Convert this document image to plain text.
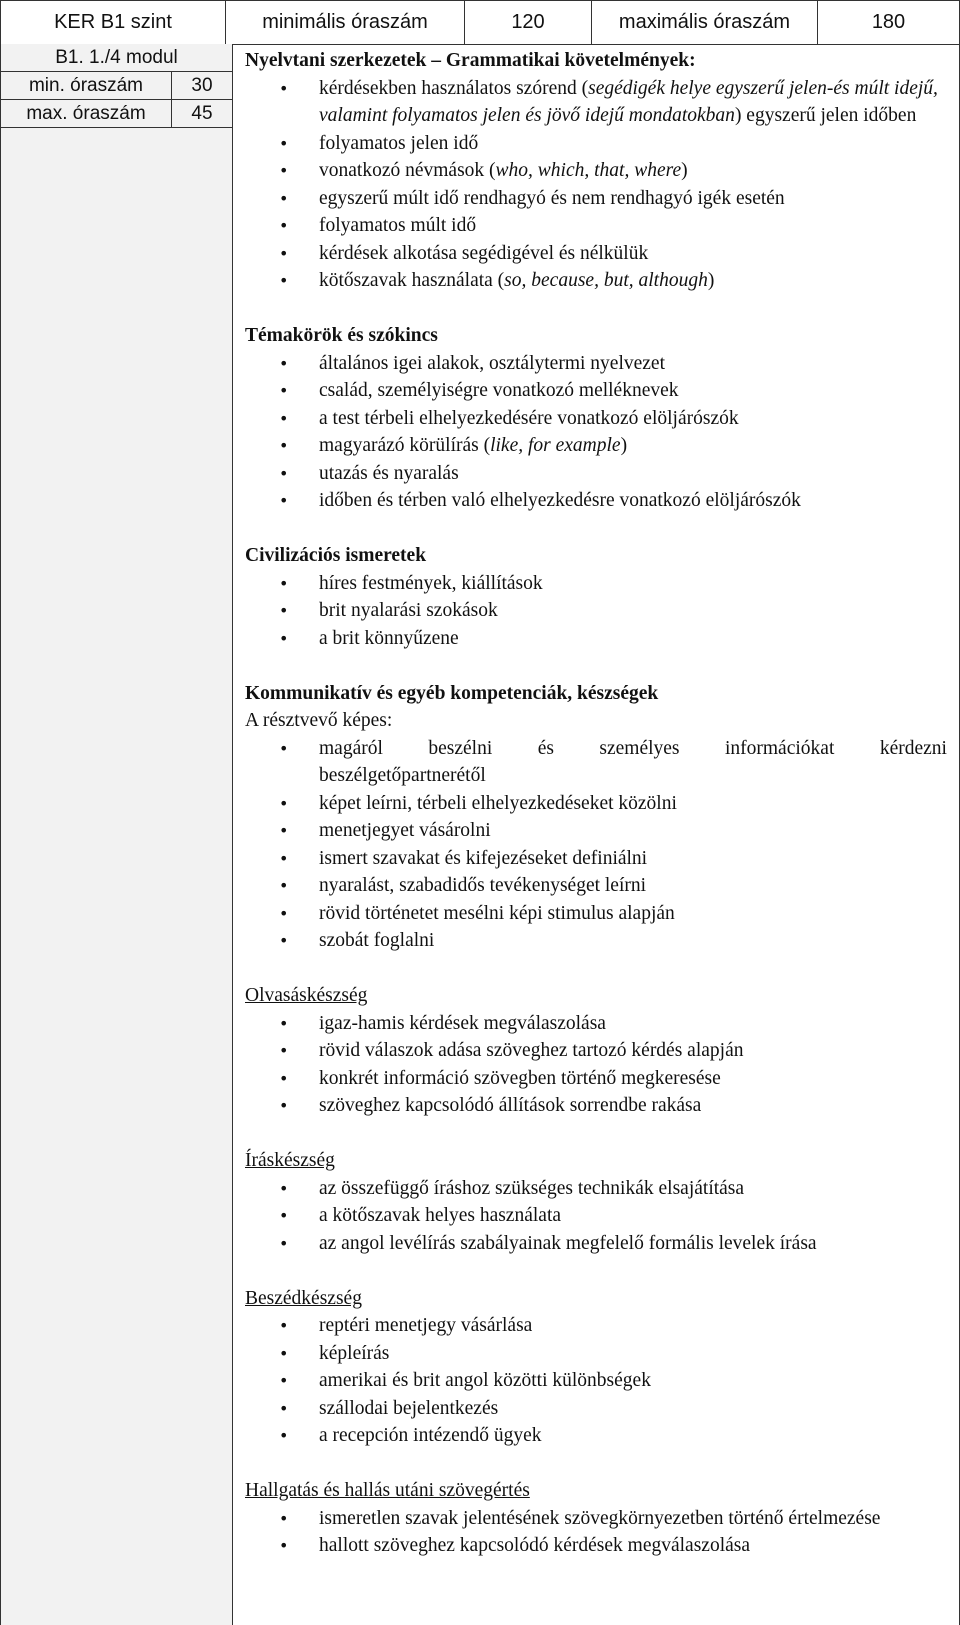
KER B1 szint	minimális óraszám	120	maximális óraszám	180
B1. 1./4 modul
min. óraszám	30
max. óraszám	45
Nyelvtani szerkezetek – Grammatikai követelmények:
• kérdésekben használatos szórend (segédigék helye egyszerű jelen-és múlt idejű, valamint folyamatos jelen és jövő idejű mondatokban) egyszerű jelen időben
• folyamatos jelen idő
• vonatkozó névmások (who, which, that, where)
• egyszerű múlt idő rendhagyó és nem rendhagyó igék esetén
• folyamatos múlt idő
• kérdések alkotása segédigével és nélkülük
• kötőszavak használata (so, because, but, although)
Témakörök és szókincs
• általános igei alakok, osztálytermi nyelvezet
• család, személyiségre vonatkozó melléknevek
• a test térbeli elhelyezkedésére vonatkozó elöljárószók
• magyarázó körülírás (like, for example)
• utazás és nyaralás
• időben és térben való elhelyezkedésre vonatkozó elöljárószók
Civilizációs ismeretek
• híres festmények, kiállítások
• brit nyalarási szokások
• a brit könnyűzene
Kommunikatív és egyéb kompetenciák, készségek
A résztvevő képes:
• magáról beszélni és személyes információkat kérdezni
beszélgetőpartnerétől
• képet leírni, térbeli elhelyezkedéseket közölni
• menetjegyet vásárolni
• ismert szavakat és kifejezéseket definiálni
• nyaralást, szabadidős tevékenységet leírni
• rövid történetet mesélni képi stimulus alapján
• szobát foglalni
Olvasáskészség
• igaz-hamis kérdések megválaszolása
• rövid válaszok adása szöveghez tartozó kérdés alapján
• konkrét információ szövegben történő megkeresése
• szöveghez kapcsolódó állítások sorrendbe rakása
Íráskészség
• az összefüggő íráshoz szükséges technikák elsajátítása
• a kötőszavak helyes használata
• az angol levélírás szabályainak megfelelő formális levelek írása
Beszédkészség
• reptéri menetjegy vásárlása
• képleírás
• amerikai és brit angol közötti különbségek
• szállodai bejelentkezés
• a recepción intézendő ügyek
Hallgatás és hallás utáni szövegértés
• ismeretlen szavak jelentésének szövegkörnyezetben történő értelmezése
• hallott szöveghez kapcsolódó kérdések megválaszolása
